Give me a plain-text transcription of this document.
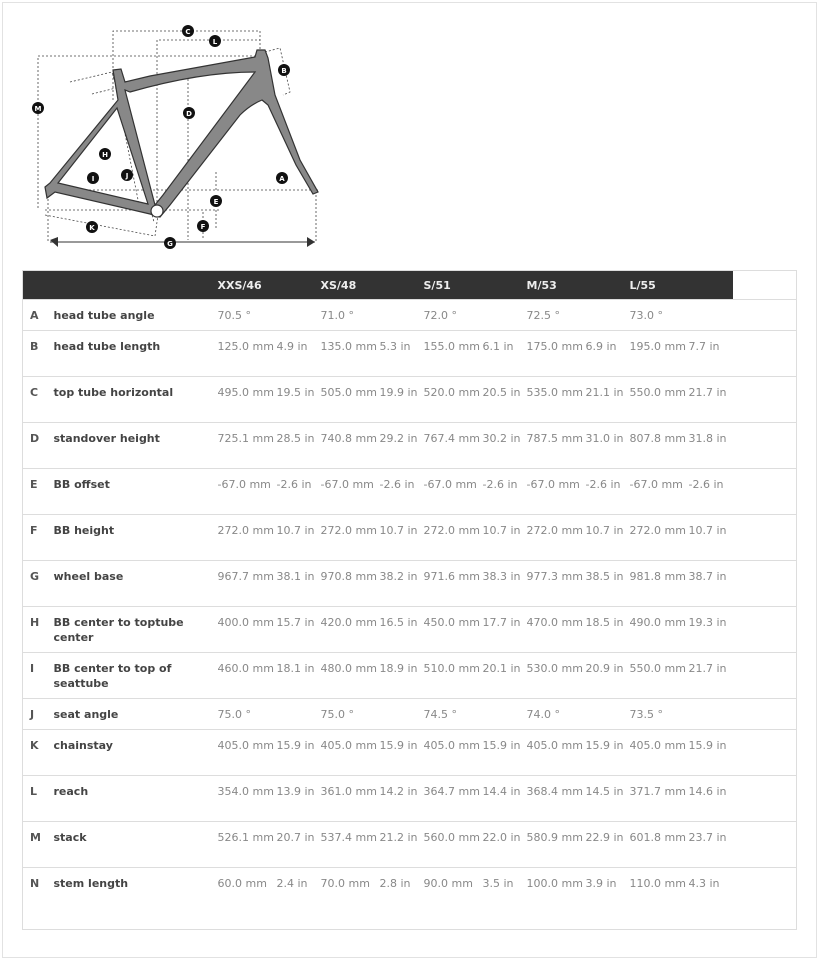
C
L
B
M
D
H
I	J	A
E
F
K
G
		XXS/46		XS/48		S/51		M/53		L/55		
A	head tube angle	70.5 °		71.0 °		72.0 °		72.5 °		73.0 °		
B	head tube length	125.0 mm	4.9 in	135.0 mm	5.3 in	155.0 mm	6.1 in	175.0 mm	6.9 in	195.0 mm	7.7 in	
C	top tube horizontal	495.0 mm	19.5 in	505.0 mm	19.9 in	520.0 mm	20.5 in	535.0 mm	21.1 in	550.0 mm	21.7 in	
D	standover height	725.1 mm	28.5 in	740.8 mm	29.2 in	767.4 mm	30.2 in	787.5 mm	31.0 in	807.8 mm	31.8 in	
E	BB offset	-67.0 mm	-2.6 in	-67.0 mm	-2.6 in	-67.0 mm	-2.6 in	-67.0 mm	-2.6 in	-67.0 mm	-2.6 in	
F	BB height	272.0 mm	10.7 in	272.0 mm	10.7 in	272.0 mm	10.7 in	272.0 mm	10.7 in	272.0 mm	10.7 in	
G	wheel base	967.7 mm	38.1 in	970.8 mm	38.2 in	971.6 mm	38.3 in	977.3 mm	38.5 in	981.8 mm	38.7 in	
H	BB center to toptube center	400.0 mm	15.7 in	420.0 mm	16.5 in	450.0 mm	17.7 in	470.0 mm	18.5 in	490.0 mm	19.3 in	
I	BB center to top of seattube	460.0 mm	18.1 in	480.0 mm	18.9 in	510.0 mm	20.1 in	530.0 mm	20.9 in	550.0 mm	21.7 in	
J	seat angle	75.0 °		75.0 °		74.5 °		74.0 °		73.5 °		
K	chainstay	405.0 mm	15.9 in	405.0 mm	15.9 in	405.0 mm	15.9 in	405.0 mm	15.9 in	405.0 mm	15.9 in	
L	reach	354.0 mm	13.9 in	361.0 mm	14.2 in	364.7 mm	14.4 in	368.4 mm	14.5 in	371.7 mm	14.6 in	
M	stack	526.1 mm	20.7 in	537.4 mm	21.2 in	560.0 mm	22.0 in	580.9 mm	22.9 in	601.8 mm	23.7 in	
N	stem length	60.0 mm	2.4 in	70.0 mm	2.8 in	90.0 mm	3.5 in	100.0 mm	3.9 in	110.0 mm	4.3 in	
